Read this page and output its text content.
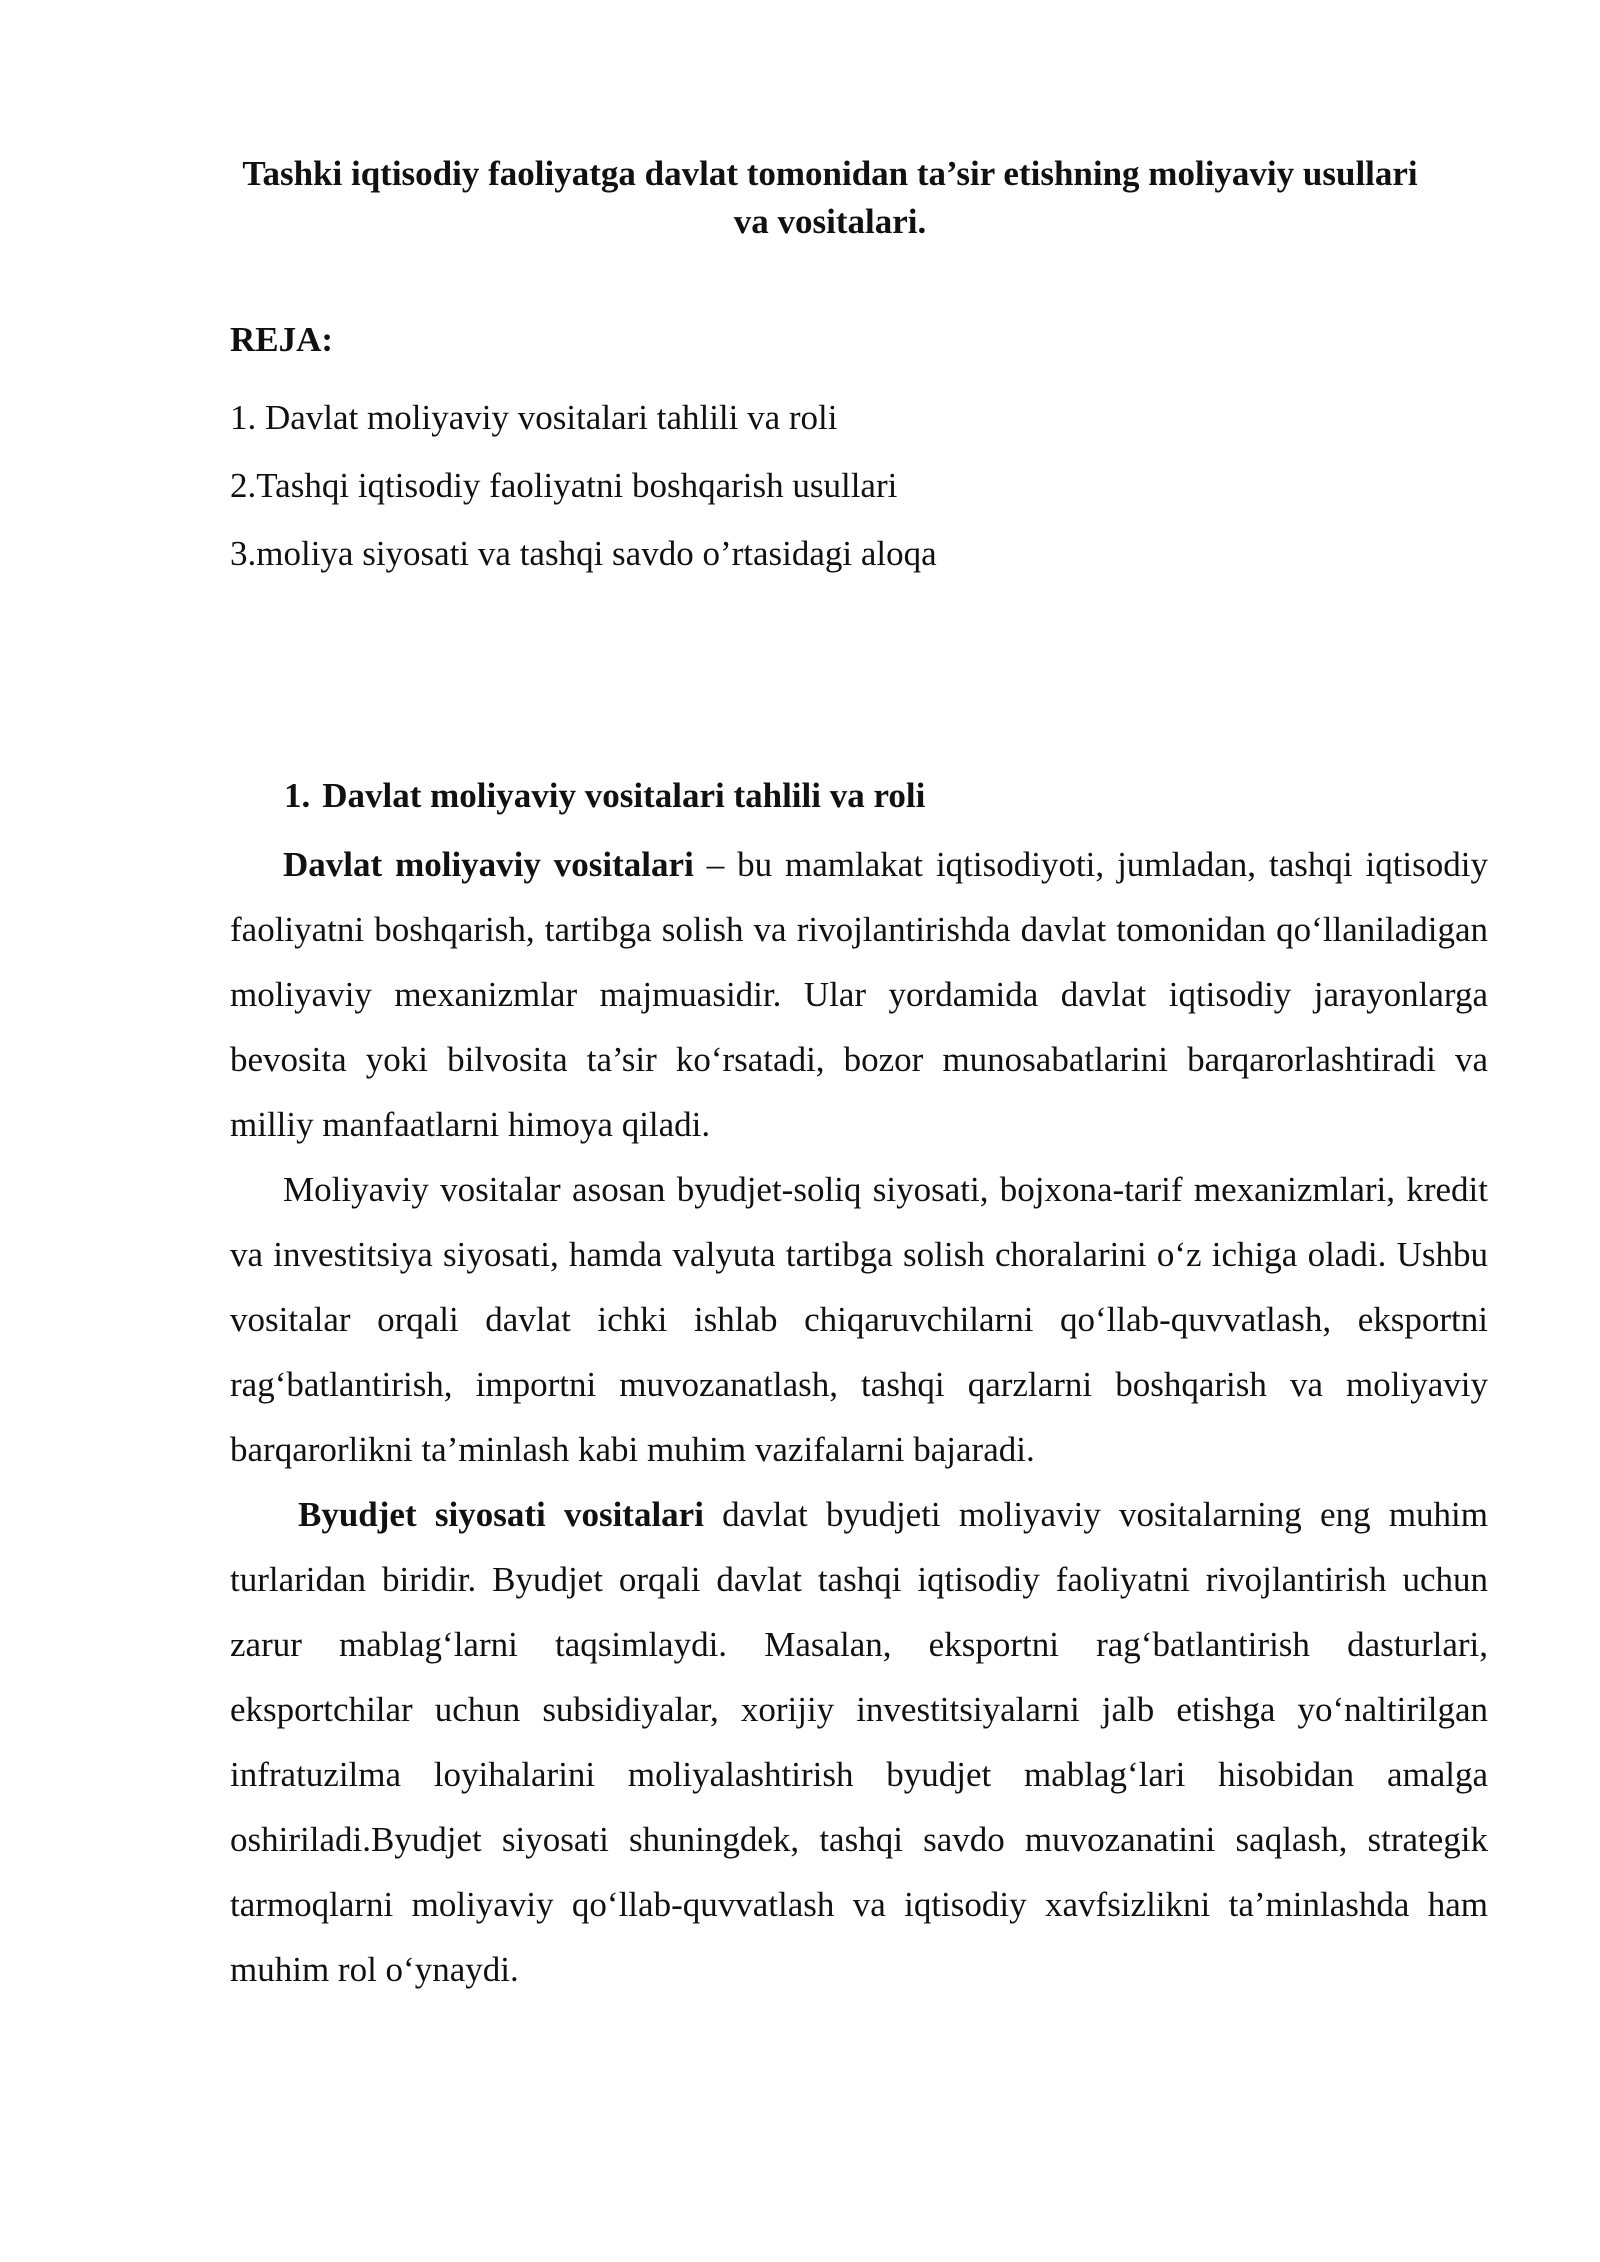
Tashki iqtisodiy faoliyatga davlat tomonidan ta’sir etishning moliyaviy usullari va vositalari.
REJA:
1. Davlat moliyaviy vositalari tahlili va roli
2.Tashqi iqtisodiy faoliyatni boshqarish usullari
3.moliya siyosati va tashqi savdo o’rtasidagi aloqa
1. Davlat moliyaviy vositalari tahlili va roli

Davlat moliyaviy vositalari – bu mamlakat iqtisodiyoti, jumladan, tashqi iqtisodiy faoliyatni boshqarish, tartibga solish va rivojlantirishda davlat tomonidan qo‘llaniladigan moliyaviy mexanizmlar majmuasidir. Ular yordamida davlat iqtisodiy jarayonlarga bevosita yoki bilvosita ta’sir ko‘rsatadi, bozor munosabatlarini barqarorlashtiradi va milliy manfaatlarni himoya qiladi.

Moliyaviy vositalar asosan byudjet-soliq siyosati, bojxona-tarif mexanizmlari, kredit va investitsiya siyosati, hamda valyuta tartibga solish choralarini o‘z ichiga oladi. Ushbu vositalar orqali davlat ichki ishlab chiqaruvchilarni qo‘llab-quvvatlash, eksportni rag‘batlantirish, importni muvozanatlash, tashqi qarzlarni boshqarish va moliyaviy barqarorlikni ta’minlash kabi muhim vazifalarni bajaradi.

Byudjet siyosati vositalari davlat byudjeti moliyaviy vositalarning eng muhim turlaridan biridir. Byudjet orqali davlat tashqi iqtisodiy faoliyatni rivojlantirish uchun zarur mablag‘larni taqsimlaydi. Masalan, eksportni rag‘batlantirish dasturlari, eksportchilar uchun subsidiyalar, xorijiy investitsiyalarni jalb etishga yo‘naltirilgan infratuzilma loyihalarini moliyalashtirish byudjet mablag‘lari hisobidan amalga oshiriladi.Byudjet siyosati shuningdek, tashqi savdo muvozanatini saqlash, strategik tarmoqlarni moliyaviy qo‘llab-quvvatlash va iqtisodiy xavfsizlikni ta’minlashda ham muhim rol o‘ynaydi.
